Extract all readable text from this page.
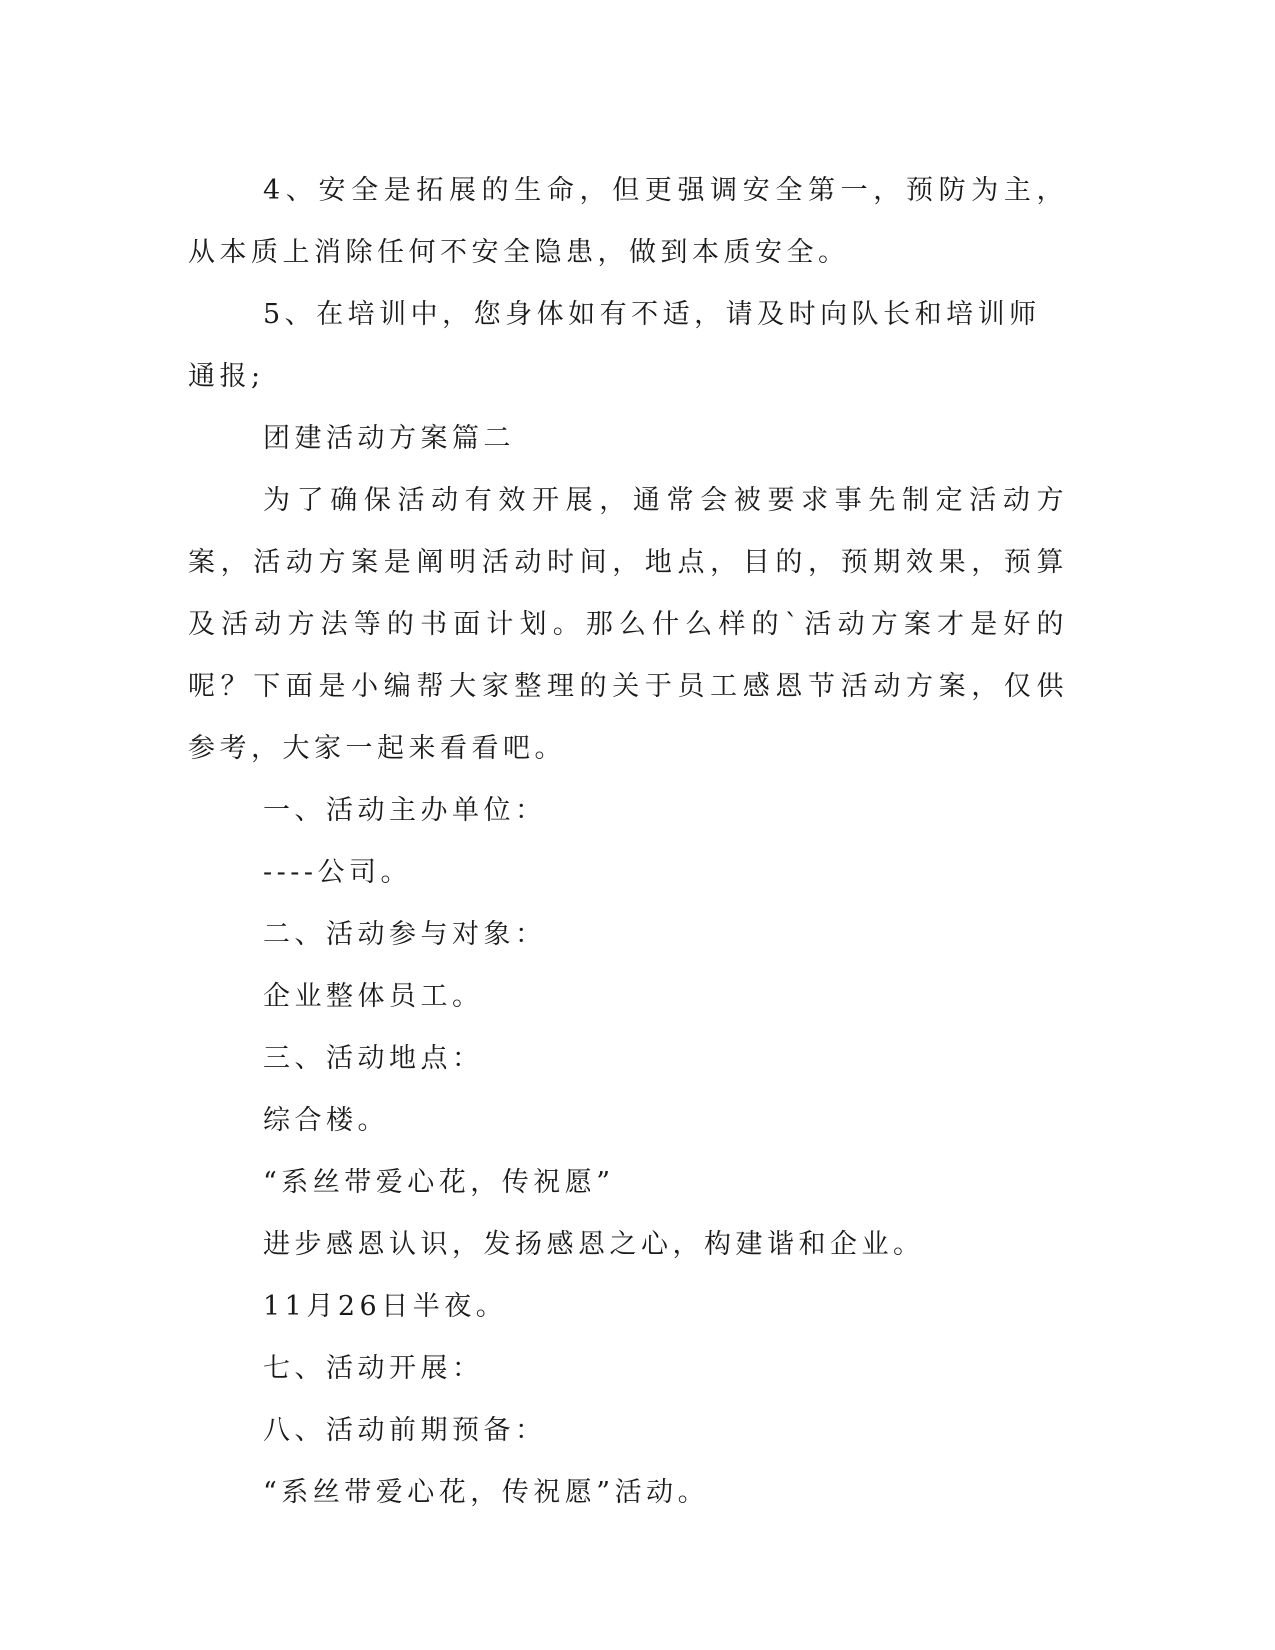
4、安全是拓展的生命，但更强调安全第一，预防为主，从本质上消除任何不安全隐患，做到本质安全。

5、在培训中，您身体如有不适，请及时向队长和培训师通报;

团建活动方案篇二

为了确保活动有效开展，通常会被要求事先制定活动方案，活动方案是阐明活动时间，地点，目的，预期效果，预算及活动方法等的书面计划。那么什么样的`活动方案才是好的呢？下面是小编帮大家整理的关于员工感恩节活动方案，仅供参考，大家一起来看看吧。

一、活动主办单位：

----公司。

二、活动参与对象：

企业整体员工。

三、活动地点：

综合楼。

“系丝带爱心花，传祝愿”

进步感恩认识，发扬感恩之心，构建谐和企业。

11月26日半夜。

七、活动开展：

八、活动前期预备：

“系丝带爱心花，传祝愿”活动。
